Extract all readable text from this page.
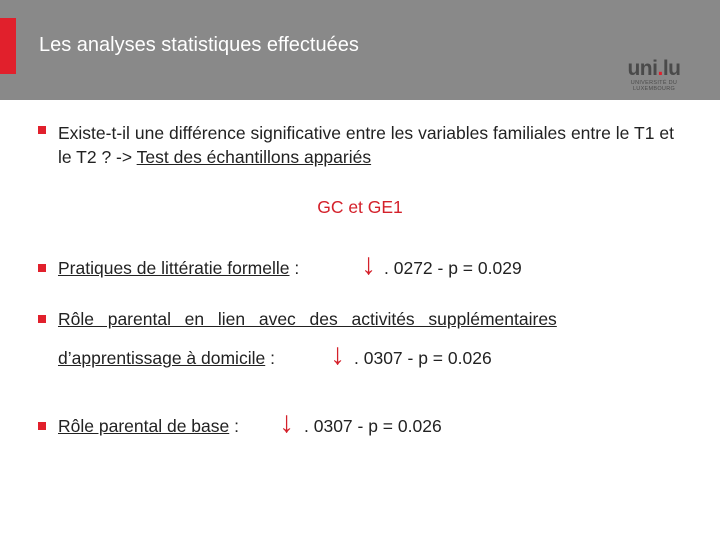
Les analyses statistiques effectuées
uni.lu
UNIVERSITÉ DU
LUXEMBOURG
Existe-t-il une différence significative entre les variables familiales entre le T1 et le T2 ? -> Test des échantillons appariés
GC et GE1
Pratiques de littératie formelle : ↓ . 0272 - p = 0.029
Rôle  parental  en  lien  avec  des  activités  supplémentaires
d’apprentissage à domicile : ↓ . 0307 - p = 0.026
Rôle parental de base : ↓ . 0307 - p = 0.026
